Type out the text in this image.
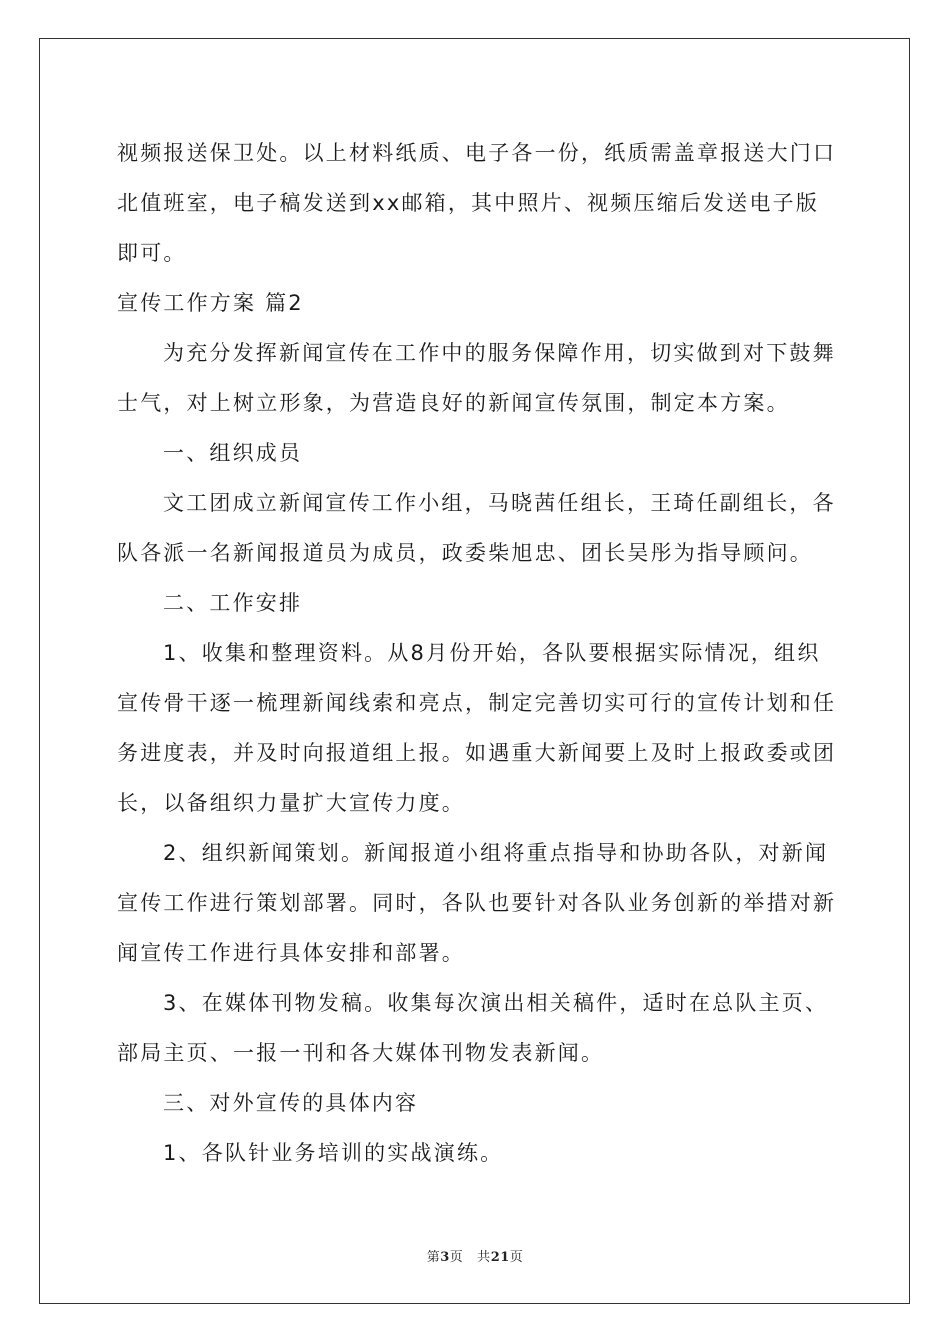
视频报送保卫处。以上材料纸质、电子各一份，纸质需盖章报送大门口北值班室，电子稿发送到xx邮箱，其中照片、视频压缩后发送电子版即可。

宣传工作方案 篇2

为充分发挥新闻宣传在工作中的服务保障作用，切实做到对下鼓舞士气，对上树立形象，为营造良好的新闻宣传氛围，制定本方案。

一、组织成员

文工团成立新闻宣传工作小组，马晓茜任组长，王琦任副组长，各队各派一名新闻报道员为成员，政委柴旭忠、团长吴彤为指导顾问。

二、工作安排

1、收集和整理资料。从8月份开始，各队要根据实际情况，组织宣传骨干逐一梳理新闻线索和亮点，制定完善切实可行的宣传计划和任务进度表，并及时向报道组上报。如遇重大新闻要上及时上报政委或团长，以备组织力量扩大宣传力度。

2、组织新闻策划。新闻报道小组将重点指导和协助各队，对新闻宣传工作进行策划部署。同时，各队也要针对各队业务创新的举措对新闻宣传工作进行具体安排和部署。

3、在媒体刊物发稿。收集每次演出相关稿件，适时在总队主页、部局主页、一报一刊和各大媒体刊物发表新闻。

三、对外宣传的具体内容

1、各队针业务培训的实战演练。

第3页 共21页
